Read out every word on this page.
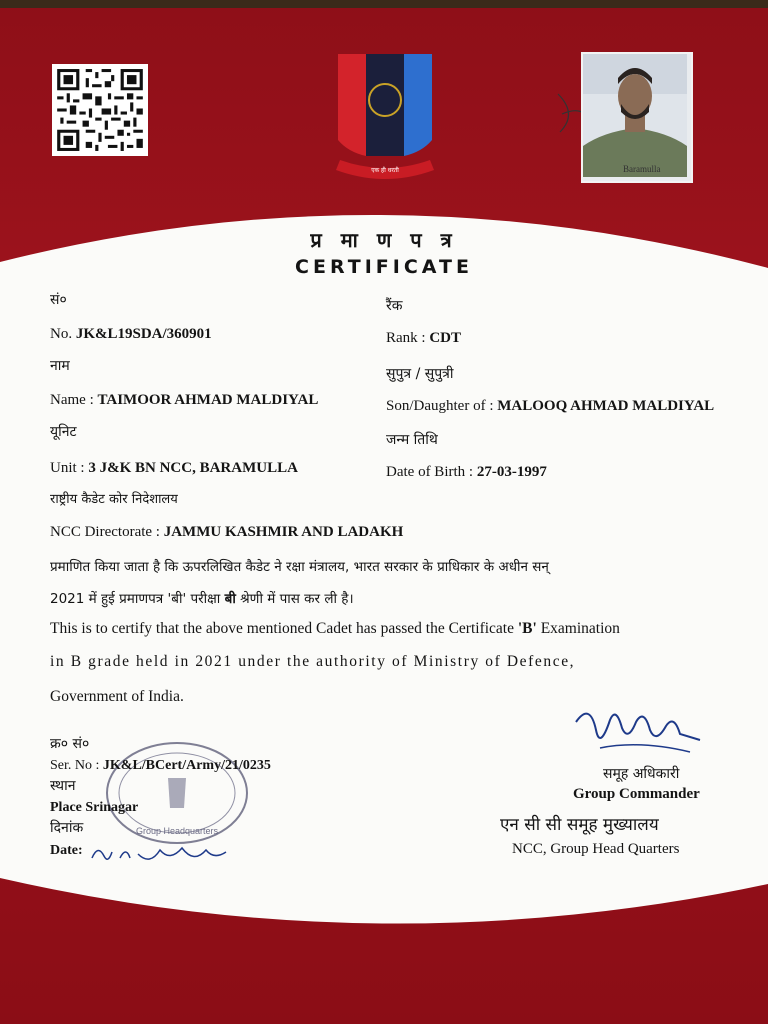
एक ही धरती	Baramulla
प्र मा ण प त्र
CERTIFICATE
सं०
No. JK&L19SDA/360901
नाम
Name : TAIMOOR AHMAD MALDIYAL
यूनिट
Unit : 3 J&K BN NCC, BARAMULLA
राष्ट्रीय कैडेट कोर निदेशालय
NCC Directorate : JAMMU KASHMIR AND LADAKH
रैंक
Rank : CDT
सुपुत्र / सुपुत्री
Son/Daughter of : MALOOQ AHMAD MALDIYAL
जन्म तिथि
Date of Birth : 27-03-1997
प्रमाणित किया जाता है कि ऊपरलिखित कैडेट ने रक्षा मंत्रालय, भारत सरकार के प्राधिकार के अधीन सन्
2021 में हुई प्रमाणपत्र 'बी' परीक्षा बी श्रेणी में पास कर ली है।
This is to certify that the above mentioned Cadet has passed the Certificate 'B' Examination
in B grade held in 2021 under the authority of Ministry of Defence,
Government of India.
Group Headquarters
क्र० सं०
Ser. No : JK&L/BCert/Army/21/0235
स्थान
Place Srinagar
दिनांक
Date:
समूह अधिकारी
Group Commander
एन सी सी समूह मुख्यालय
NCC, Group Head Quarters
